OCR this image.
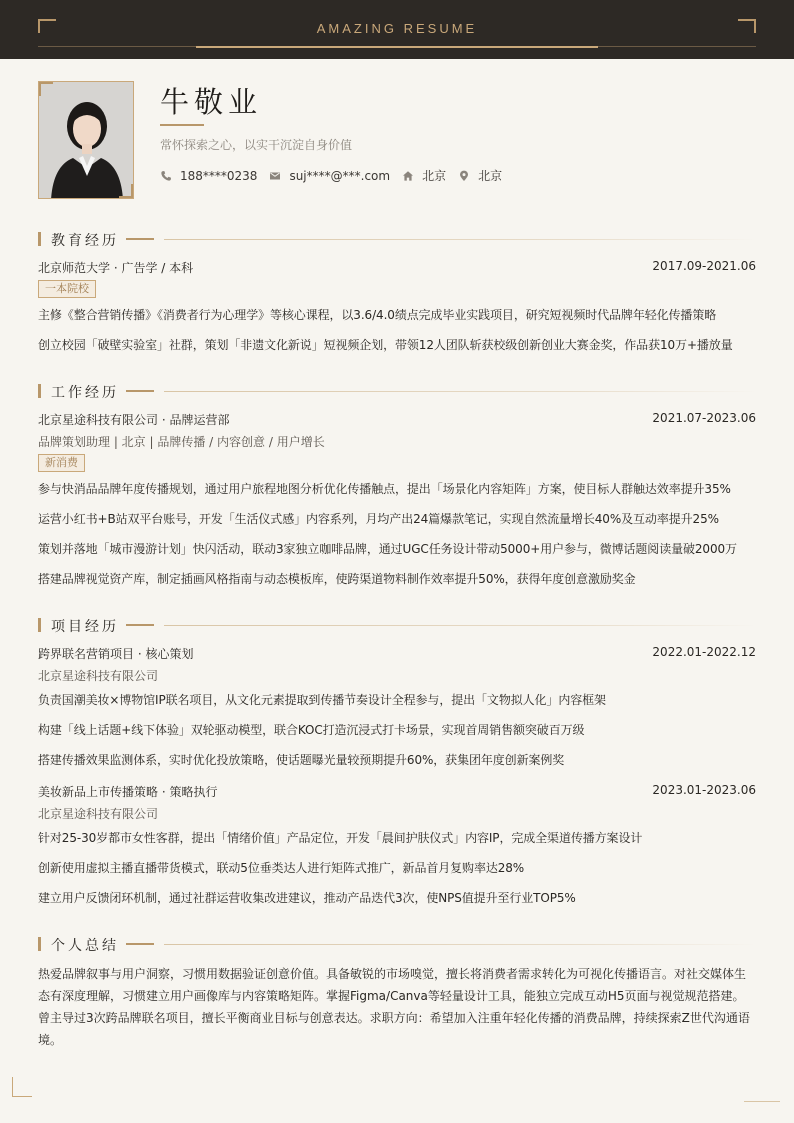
AMAZING RESUME
牛敬业
常怀探索之心，以实干沉淀自身价值
188****0238	suj****@***.com	北京	北京
教育经历
北京师范大学 · 广告学 / 本科	2017.09-2021.06
一本院校
主修《整合营销传播》《消费者行为心理学》等核心课程，以3.6/4.0绩点完成毕业实践项目，研究短视频时代品牌年轻化传播策略
创立校园「破壁实验室」社群，策划「非遗文化新说」短视频企划，带领12人团队斩获校级创新创业大赛金奖，作品获10万+播放量
工作经历
北京星途科技有限公司 · 品牌运营部	2021.07-2023.06
品牌策划助理 | 北京 | 品牌传播 / 内容创意 / 用户增长
新消费
参与快消品品牌年度传播规划，通过用户旅程地图分析优化传播触点，提出「场景化内容矩阵」方案，使目标人群触达效率提升35%
运营小红书+B站双平台账号，开发「生活仪式感」内容系列，月均产出24篇爆款笔记，实现自然流量增长40%及互动率提升25%
策划并落地「城市漫游计划」快闪活动，联动3家独立咖啡品牌，通过UGC任务设计带动5000+用户参与，微博话题阅读量破2000万
搭建品牌视觉资产库，制定插画风格指南与动态模板库，使跨渠道物料制作效率提升50%，获得年度创意激励奖金
项目经历
跨界联名营销项目 · 核心策划	2022.01-2022.12
北京星途科技有限公司
负责国潮美妆×博物馆IP联名项目，从文化元素提取到传播节奏设计全程参与，提出「文物拟人化」内容框架
构建「线上话题+线下体验」双轮驱动模型，联合KOC打造沉浸式打卡场景，实现首周销售额突破百万级
搭建传播效果监测体系，实时优化投放策略，使话题曝光量较预期提升60%，获集团年度创新案例奖
美妆新品上市传播策略 · 策略执行	2023.01-2023.06
北京星途科技有限公司
针对25-30岁都市女性客群，提出「情绪价值」产品定位，开发「晨间护肤仪式」内容IP，完成全渠道传播方案设计
创新使用虚拟主播直播带货模式，联动5位垂类达人进行矩阵式推广，新品首月复购率达28%
建立用户反馈闭环机制，通过社群运营收集改进建议，推动产品迭代3次，使NPS值提升至行业TOP5%
个人总结
热爱品牌叙事与用户洞察，习惯用数据验证创意价值。具备敏锐的市场嗅觉，擅长将消费者需求转化为可视化传播语言。对社交媒体生态有深度理解，习惯建立用户画像库与内容策略矩阵。掌握Figma/Canva等轻量设计工具，能独立完成互动H5页面与视觉规范搭建。曾主导过3次跨品牌联名项目，擅长平衡商业目标与创意表达。求职方向：希望加入注重年轻化传播的消费品牌，持续探索Z世代沟通语境。
